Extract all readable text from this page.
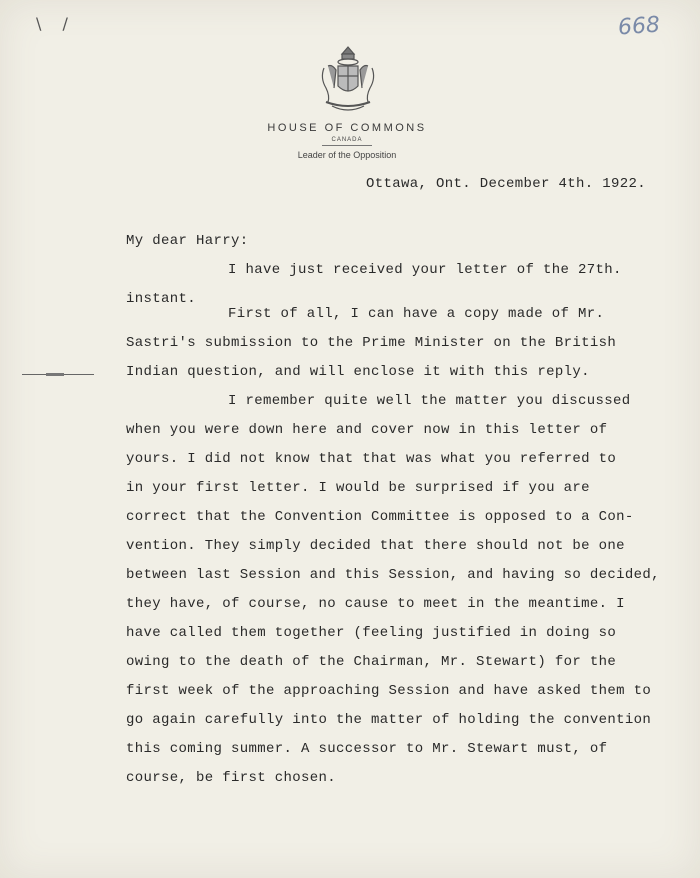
\ /	668
HOUSE OF COMMONS
CANADA
Leader of the Opposition
Ottawa, Ont. December 4th. 1922.
My dear Harry:
I have just received your letter of the 27th.
instant.
First of all, I can have a copy made of Mr.
Sastri's submission to the Prime Minister on the British
Indian question, and will enclose it with this reply.
I remember quite well the matter you discussed
when you were down here and cover now in this letter of
yours. I did not know that that was what you referred to
in your first letter. I would be surprised if you are
correct that the Convention Committee is opposed to a Con-
vention. They simply decided that there should not be one
between last Session and this Session, and having so decided,
they have, of course, no cause to meet in the meantime. I
have called them together (feeling justified in doing so
owing to the death of the Chairman, Mr. Stewart) for the
first week of the approaching Session and have asked them to
go again carefully into the matter of holding the convention
this coming summer. A successor to Mr. Stewart must, of
course, be first chosen.
